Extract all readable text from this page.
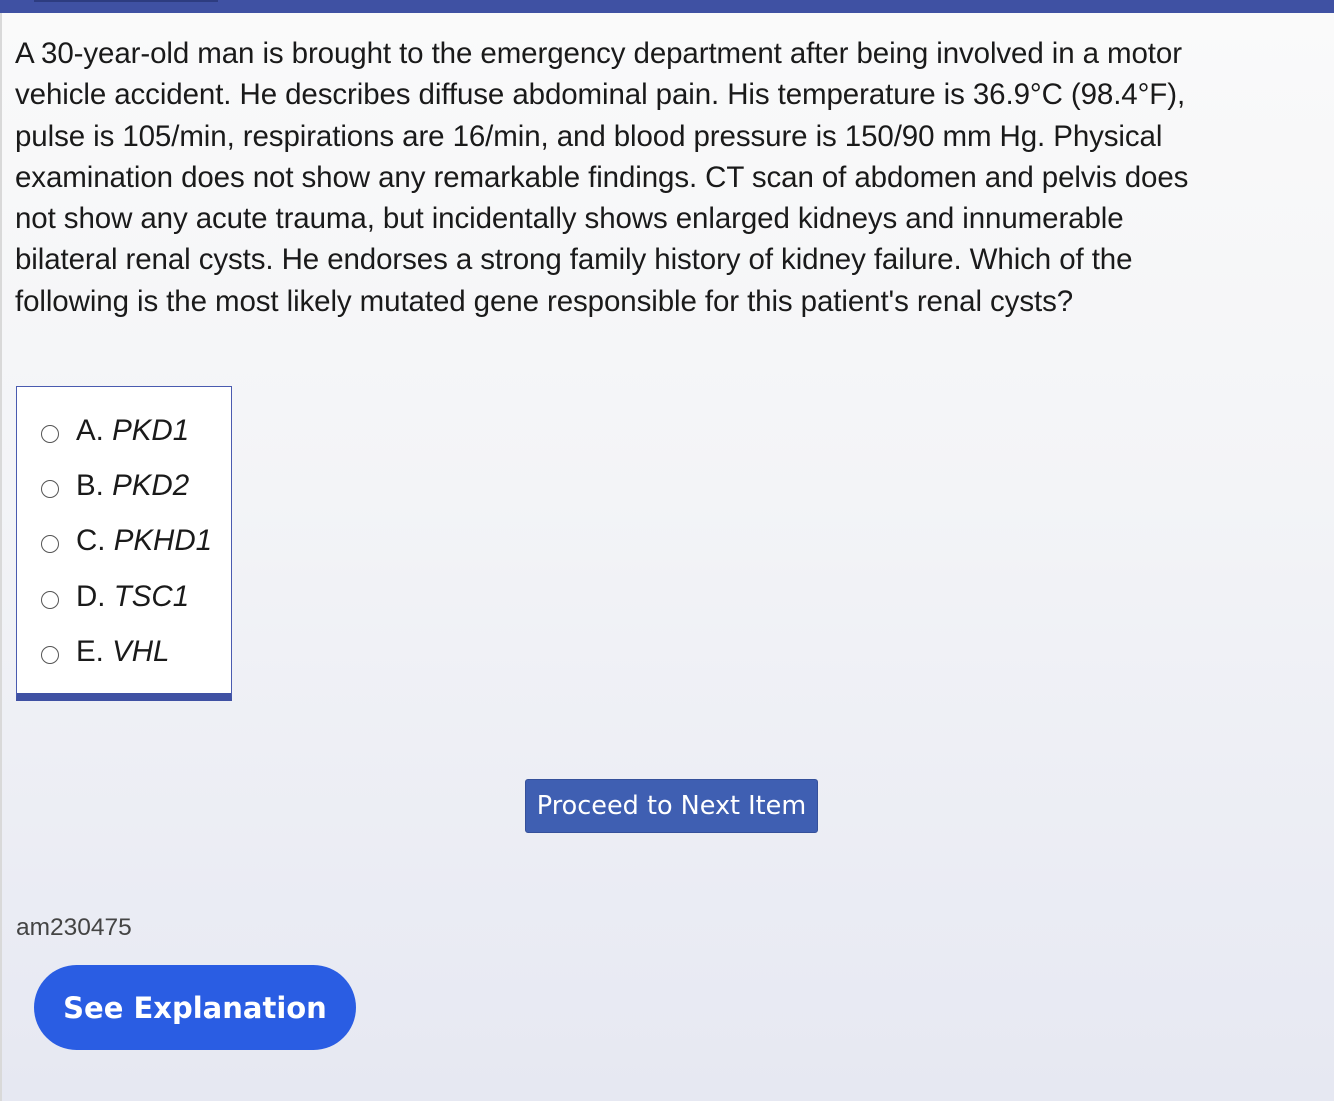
A 30-year-old man is brought to the emergency department after being involved in a motor vehicle accident. He describes diffuse abdominal pain. His temperature is 36.9°C (98.4°F), pulse is 105/min, respirations are 16/min, and blood pressure is 150/90 mm Hg. Physical examination does not show any remarkable findings. CT scan of abdomen and pelvis does not show any acute trauma, but incidentally shows enlarged kidneys and innumerable bilateral renal cysts. He endorses a strong family history of kidney failure. Which of the following is the most likely mutated gene responsible for this patient's renal cysts?

A. PKD1
B. PKD2
C. PKHD1
D. TSC1
E. VHL
Proceed to Next Item
am230475
See Explanation
